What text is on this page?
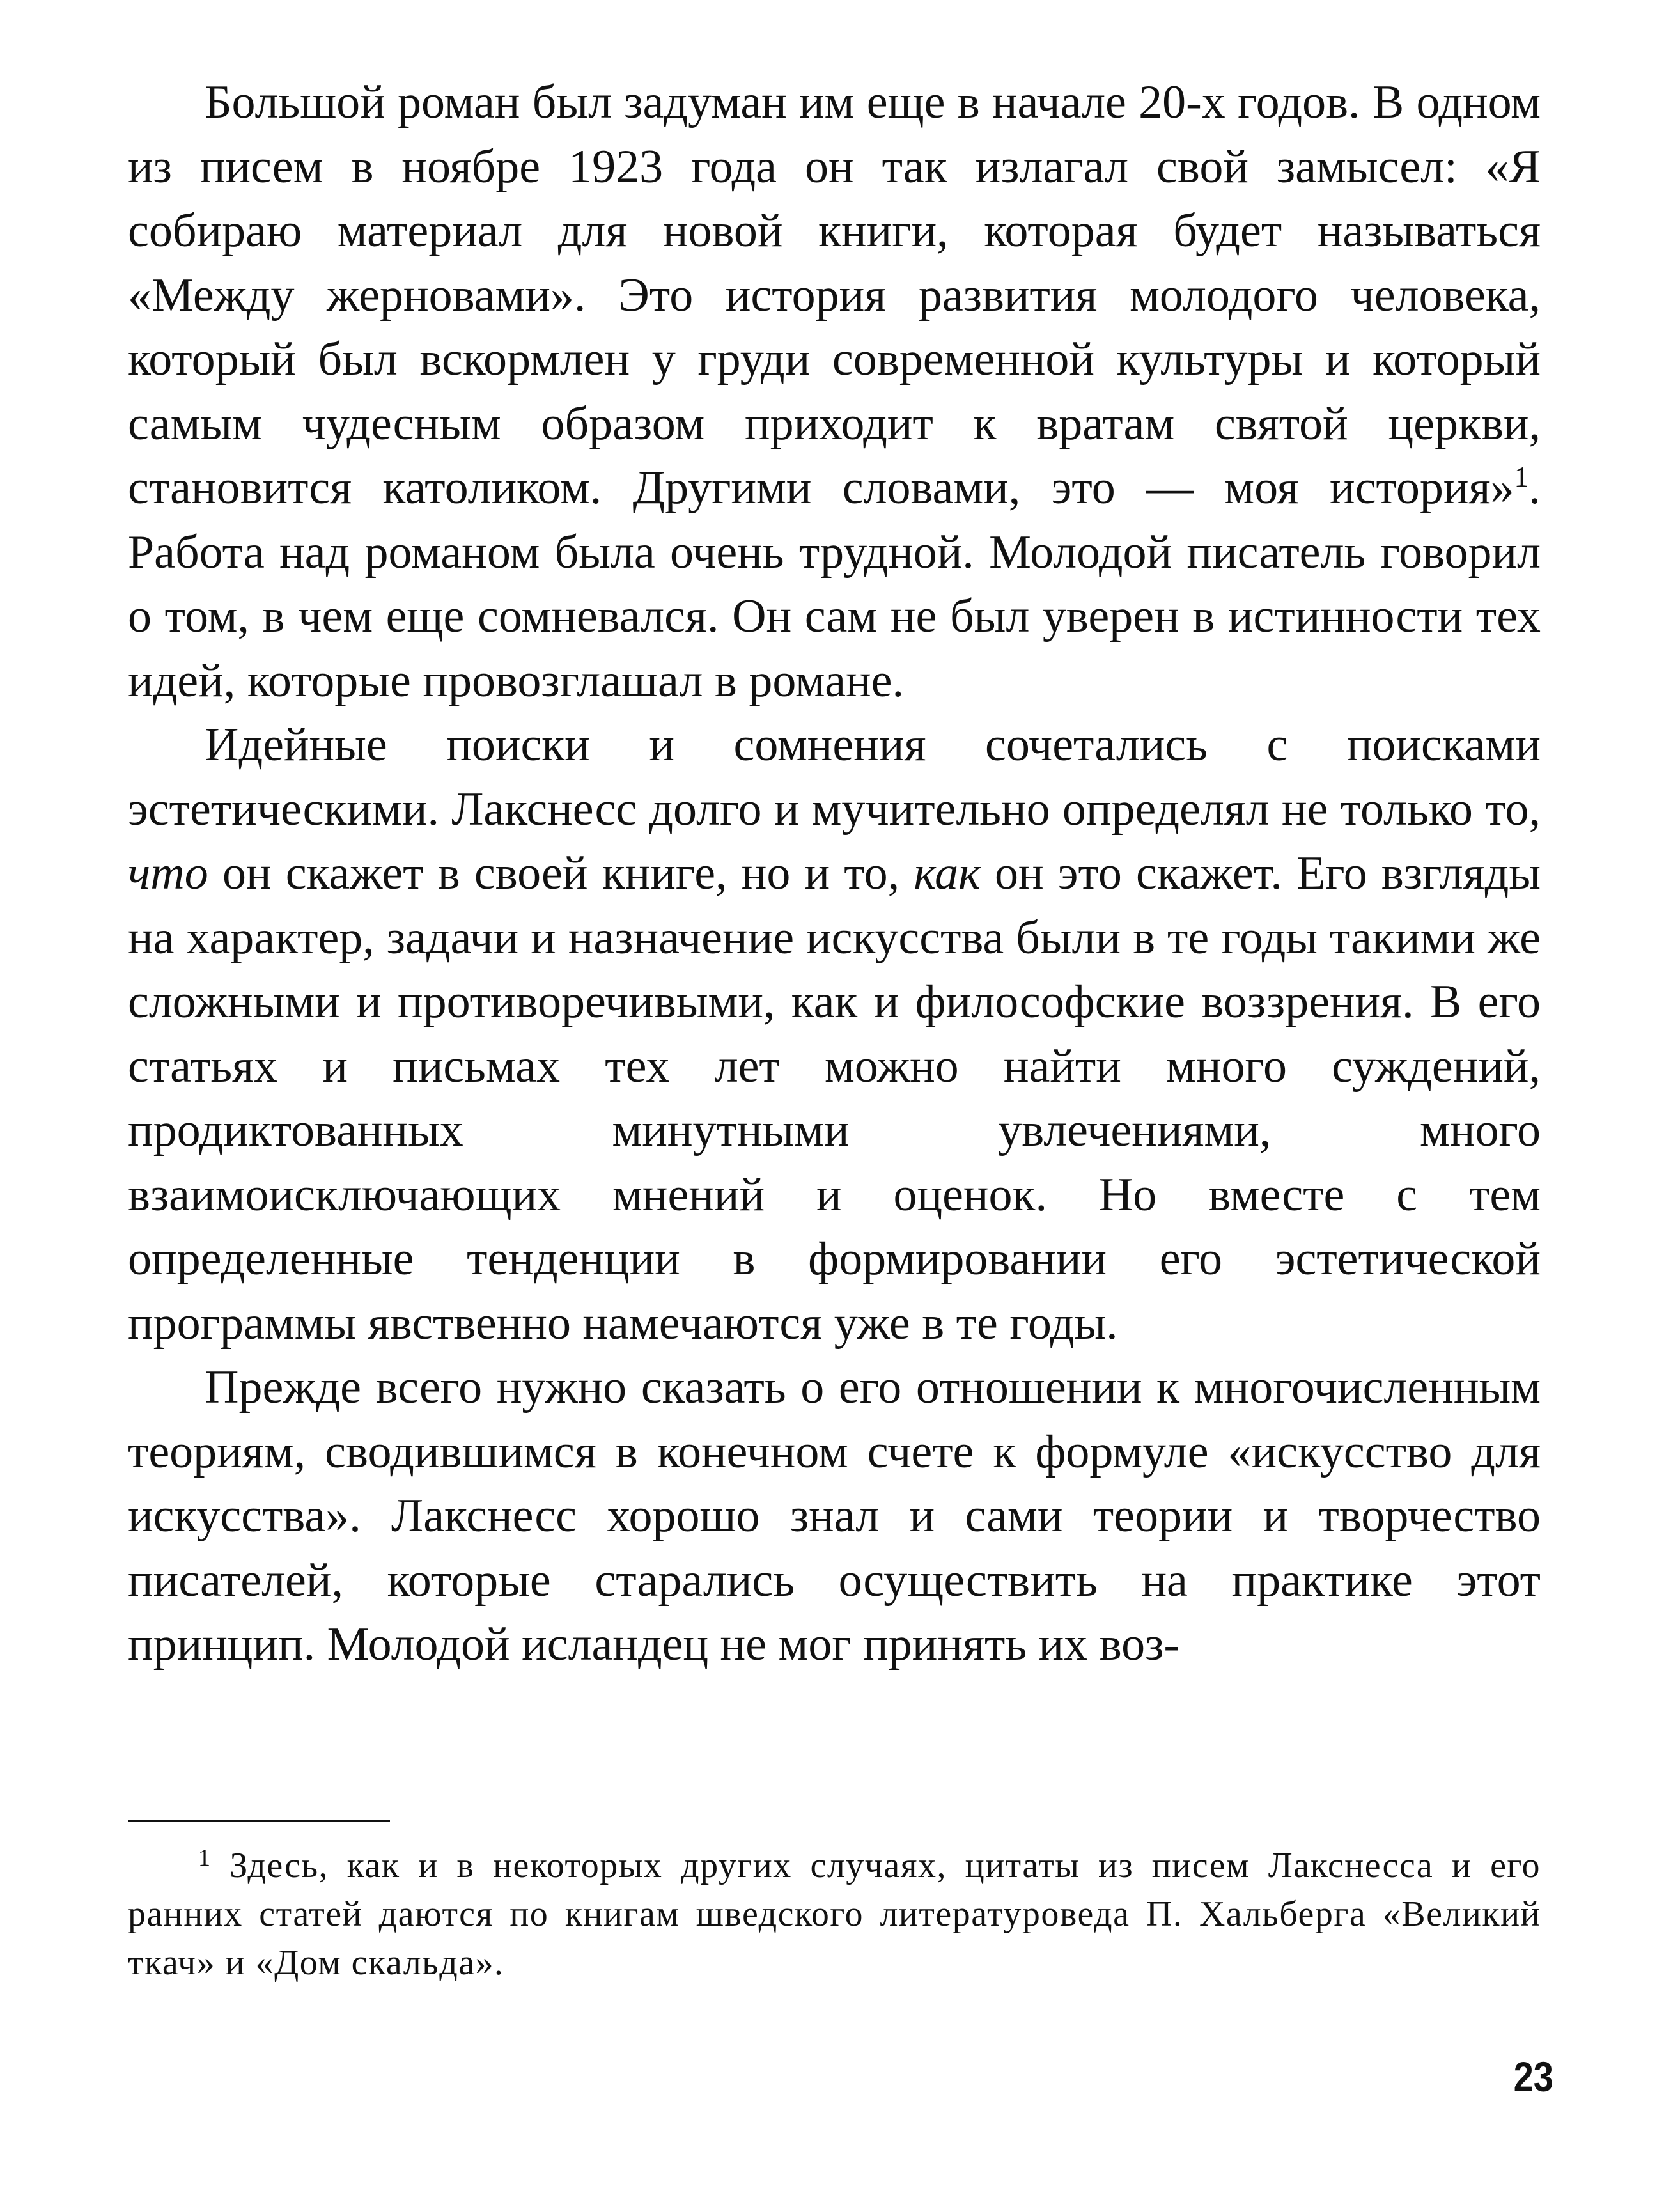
Большой роман был задуман им еще в начале 20-х годов. В одном из писем в ноябре 1923 года он так излагал свой замысел: «Я собираю материал для новой книги, которая будет называться «Между жерновами». Это история развития молодого человека, который был вскормлен у груди современной культуры и который самым чудесным образом приходит к вратам святой церкви, становится католиком. Другими словами, это — моя история»$^1$. Работа над романом была очень трудной. Молодой писатель говорил о том, в чем еще сомневался. Он сам не был уверен в истинности тех идей, которые провозглашал в романе.

Идейные поиски и сомнения сочетались с поисками эстетическими. Лакснесс долго и мучительно определял не только то, что он скажет в своей книге, но и то, как он это скажет. Его взгляды на характер, задачи и назначение искусства были в те годы такими же сложными и противоречивыми, как и философские воззрения. В его статьях и письмах тех лет можно найти много суждений, продиктованных минутными увлечениями, много взаимоисключающих мнений и оценок. Но вместе с тем определенные тенденции в формировании его эстетической программы явственно намечаются уже в те годы.

Прежде всего нужно сказать о его отношении к многочисленным теориям, сводившимся в конечном счете к формуле «искусство для искусства». Лакснесс хорошо знал и сами теории и творчество писателей, которые старались осуществить на практике этот принцип. Молодой исландец не мог принять их воз-

$^1$ Здесь, как и в некоторых других случаях, цитаты из писем Лакснесса и его ранних статей даются по книгам шведского литературоведа П. Хальберга «Великий ткач» и «Дом скальда».

23
